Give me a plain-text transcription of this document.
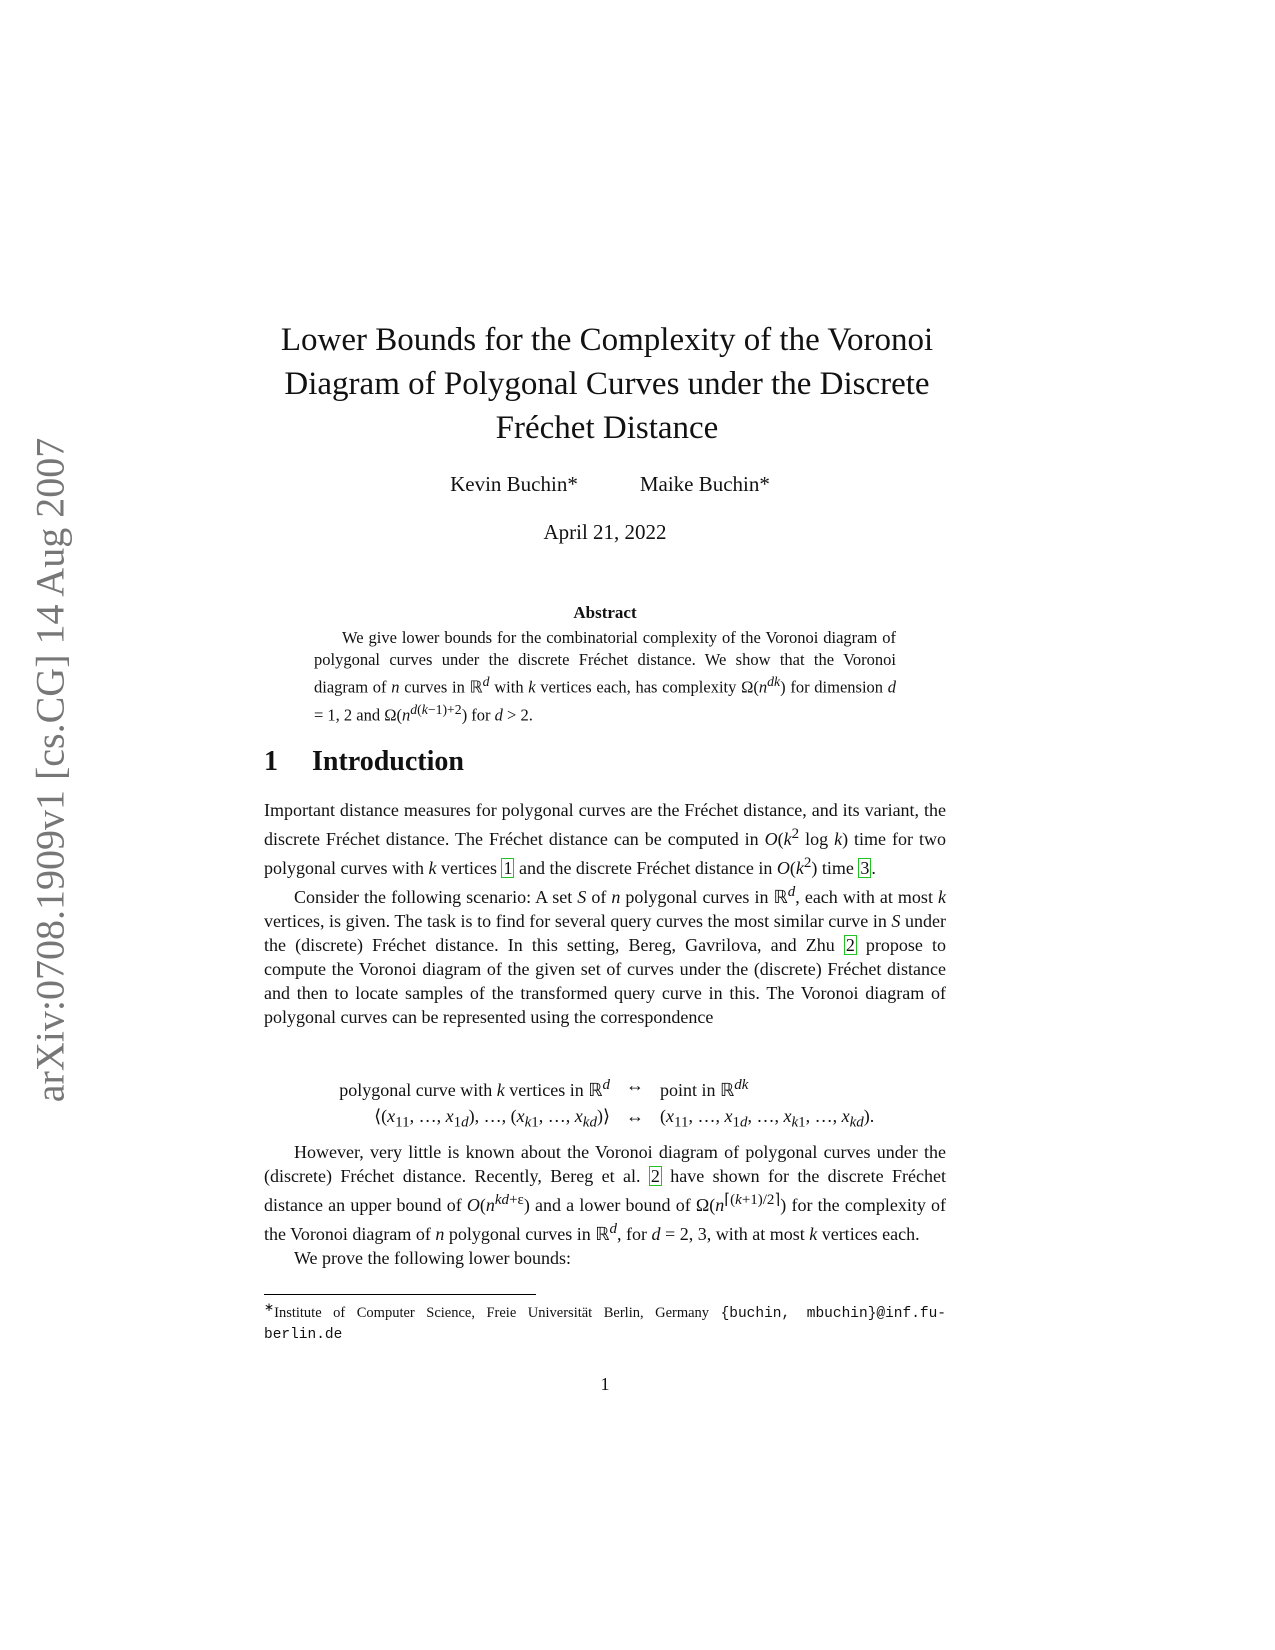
arXiv:0708.1909v1 [cs.CG] 14 Aug 2007
Lower Bounds for the Complexity of the Voronoi Diagram of Polygonal Curves under the Discrete Fréchet Distance
Kevin Buchin*	Maike Buchin*
April 21, 2022
Abstract
We give lower bounds for the combinatorial complexity of the Voronoi diagram of polygonal curves under the discrete Fréchet distance. We show that the Voronoi diagram of n curves in ℝ$^d$ with k vertices each, has complexity $\Omega(n^{dk})$ for dimension d = 1, 2 and $\Omega(n^{d(k-1)+2})$ for d > 2.
1 Introduction

Important distance measures for polygonal curves are the Fréchet distance, and its variant, the discrete Fréchet distance. The Fréchet distance can be computed in $O(k^2$ log k) time for two polygonal curves with k vertices 1 and the discrete Fréchet distance in $O(k^2)$ time 3 .

Consider the following scenario: A set S of n polygonal curves in ℝ$^d$, each with at most k vertices, is given. The task is to find for several query curves the most similar curve in S under the (discrete) Fréchet distance. In this setting, Bereg, Gavrilova, and Zhu 2 propose to compute the Voronoi diagram of the given set of curves under the (discrete) Fréchet distance and then to locate samples of the transformed query curve in this. The Voronoi diagram of polygonal curves can be represented using the correspondence

polygonal curve with k vertices in ℝ$^d$ ↔ point in ℝ$^{dk}$
$⟨(x_{11}$, …, $x_{1d}$), …, ($x_{k1}$, …, $x_{kd})⟩$ ↔ ($x_{11}$, …, $x_{1d}$, …, $x_{k1}$, …, $x_{kd}$).

However, very little is known about the Voronoi diagram of polygonal curves under the (discrete) Fréchet distance. Recently, Bereg et al. 2 have shown for the discrete Fréchet distance an upper bound of $O(n^{kd+\varepsilon})$ and a lower bound of $\Omega(n^{⌈(k+1)/2⌉})$ for the complexity of the Voronoi diagram of n polygonal curves in ℝ$^d$, for d = 2, 3, with at most k vertices each.

We prove the following lower bounds:

∗Institute of Computer Science, Freie Universität Berlin, Germany {buchin, mbuchin}@inf.fu-berlin.de
1
